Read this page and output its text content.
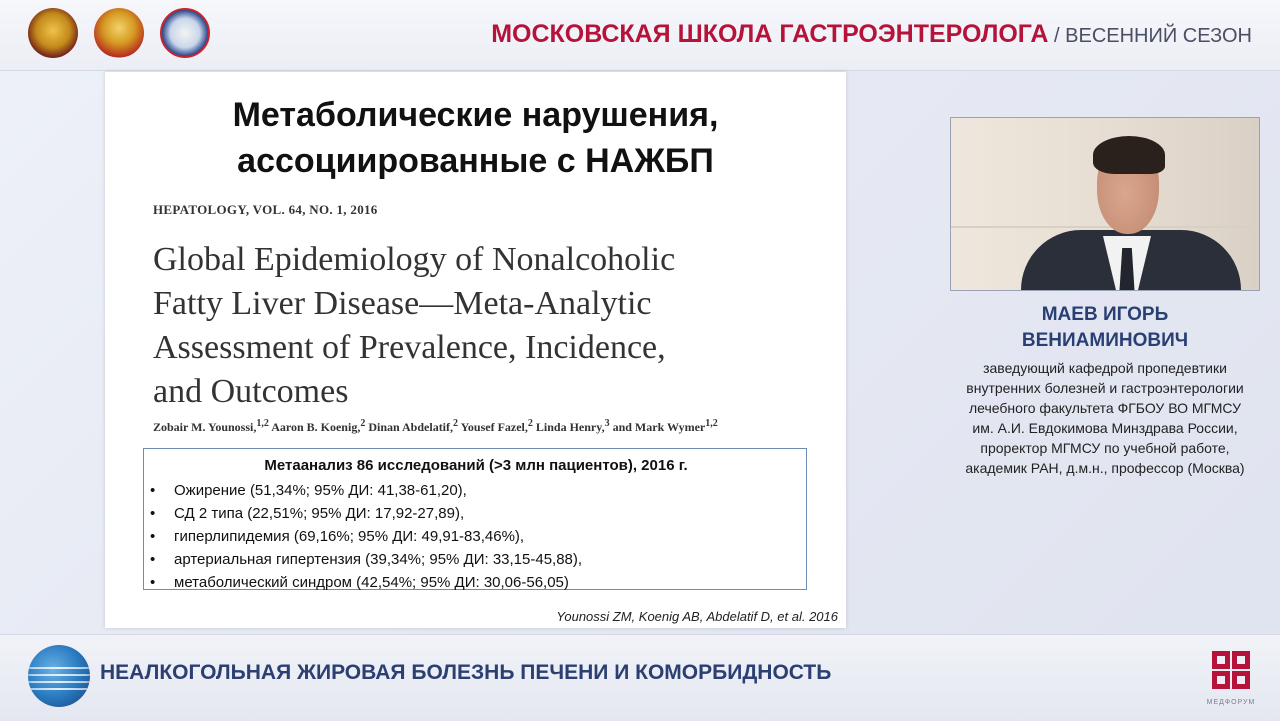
МОСКОВСКАЯ ШКОЛА ГАСТРОЭНТЕРОЛОГА / ВЕСЕННИЙ СЕЗОН
Метаболические нарушения,
ассоциированные с НАЖБП
HEPATOLOGY, VOL. 64, NO. 1, 2016
Global Epidemiology of Nonalcoholic
Fatty Liver Disease—Meta-Analytic
Assessment of Prevalence, Incidence,
and Outcomes
Zobair M. Younossi,$^{1,2}$ Aaron B. Koenig,$^2$ Dinan Abdelatif,$^2$ Yousef Fazel,$^2$ Linda Henry,$^3$ and Mark Wymer$^{1,2}$
Метаанализ 86 исследований (>3 млн пациентов), 2016 г.
• Ожирение (51,34%; 95% ДИ: 41,38-61,20),
• СД 2 типа (22,51%; 95% ДИ: 17,92-27,89),
• гиперлипидемия (69,16%; 95% ДИ: 49,91-83,46%),
• артериальная гипертензия (39,34%; 95% ДИ: 33,15-45,88),
• метаболический синдром (42,54%; 95% ДИ: 30,06-56,05)
Younossi ZM, Koenig AB, Abdelatif D, et al. 2016
МАЕВ ИГОРЬ
ВЕНИАМИНОВИЧ
заведующий кафедрой пропедевтики
внутренних болезней и гастроэнтерологии
лечебного факультета ФГБОУ ВО МГМСУ
им. А.И. Евдокимова Минздрава России,
проректор МГМСУ по учебной работе,
академик РАН, д.м.н., профессор (Москва)
НЕАЛКОГОЛЬНАЯ ЖИРОВАЯ БОЛЕЗНЬ ПЕЧЕНИ И КОМОРБИДНОСТЬ
МЕДФОРУМ
